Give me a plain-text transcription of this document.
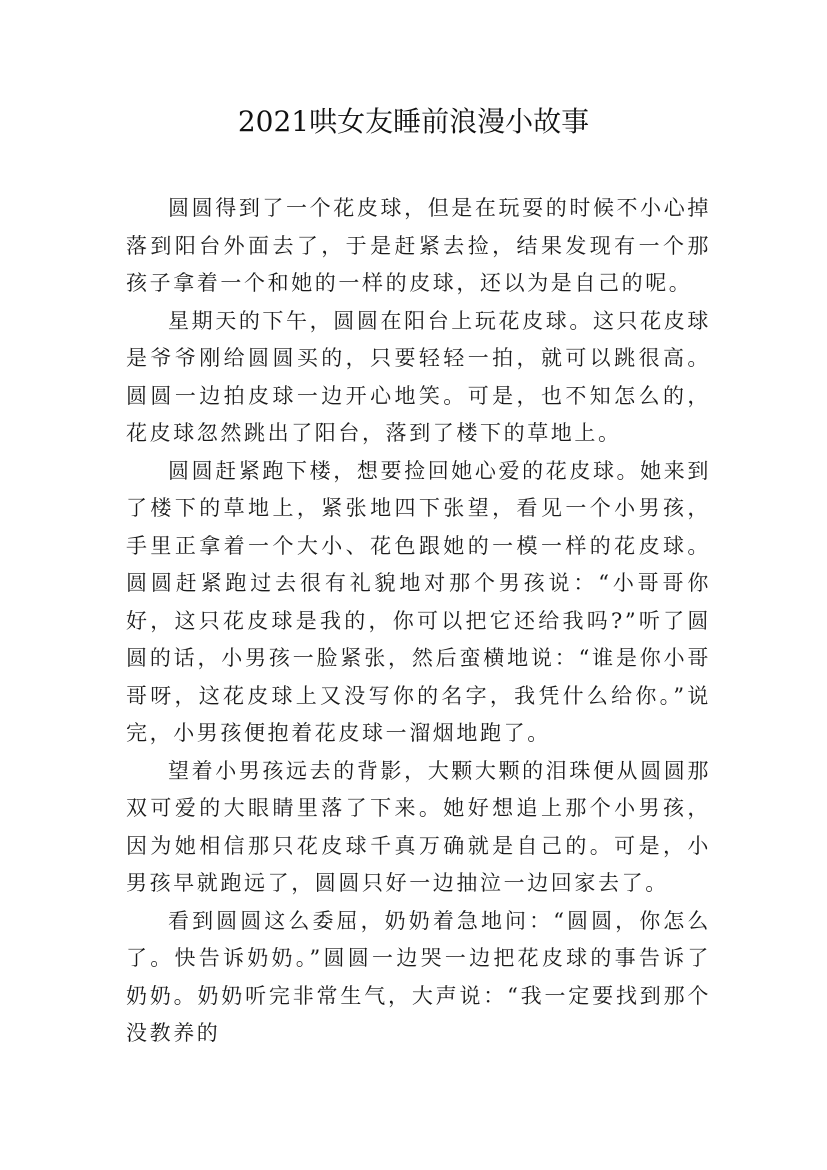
2021哄女友睡前浪漫小故事

圆圆得到了一个花皮球，但是在玩耍的时候不小心掉落到阳台外面去了，于是赶紧去捡，结果发现有一个那孩子拿着一个和她的一样的皮球，还以为是自己的呢。

星期天的下午，圆圆在阳台上玩花皮球。这只花皮球是爷爷刚给圆圆买的，只要轻轻一拍，就可以跳很高。圆圆一边拍皮球一边开心地笑。可是，也不知怎么的，花皮球忽然跳出了阳台，落到了楼下的草地上。

圆圆赶紧跑下楼，想要捡回她心爱的花皮球。她来到了楼下的草地上，紧张地四下张望，看见一个小男孩，手里正拿着一个大小、花色跟她的一模一样的花皮球。圆圆赶紧跑过去很有礼貌地对那个男孩说：“小哥哥你好，这只花皮球是我的，你可以把它还给我吗?”听了圆圆的话，小男孩一脸紧张，然后蛮横地说：“谁是你小哥哥呀，这花皮球上又没写你的名字，我凭什么给你。”说完，小男孩便抱着花皮球一溜烟地跑了。

望着小男孩远去的背影，大颗大颗的泪珠便从圆圆那双可爱的大眼睛里落了下来。她好想追上那个小男孩，因为她相信那只花皮球千真万确就是自己的。可是，小男孩早就跑远了，圆圆只好一边抽泣一边回家去了。

看到圆圆这么委屈，奶奶着急地问：“圆圆，你怎么了。快告诉奶奶。”圆圆一边哭一边把花皮球的事告诉了奶奶。奶奶听完非常生气，大声说：“我一定要找到那个没教养的
